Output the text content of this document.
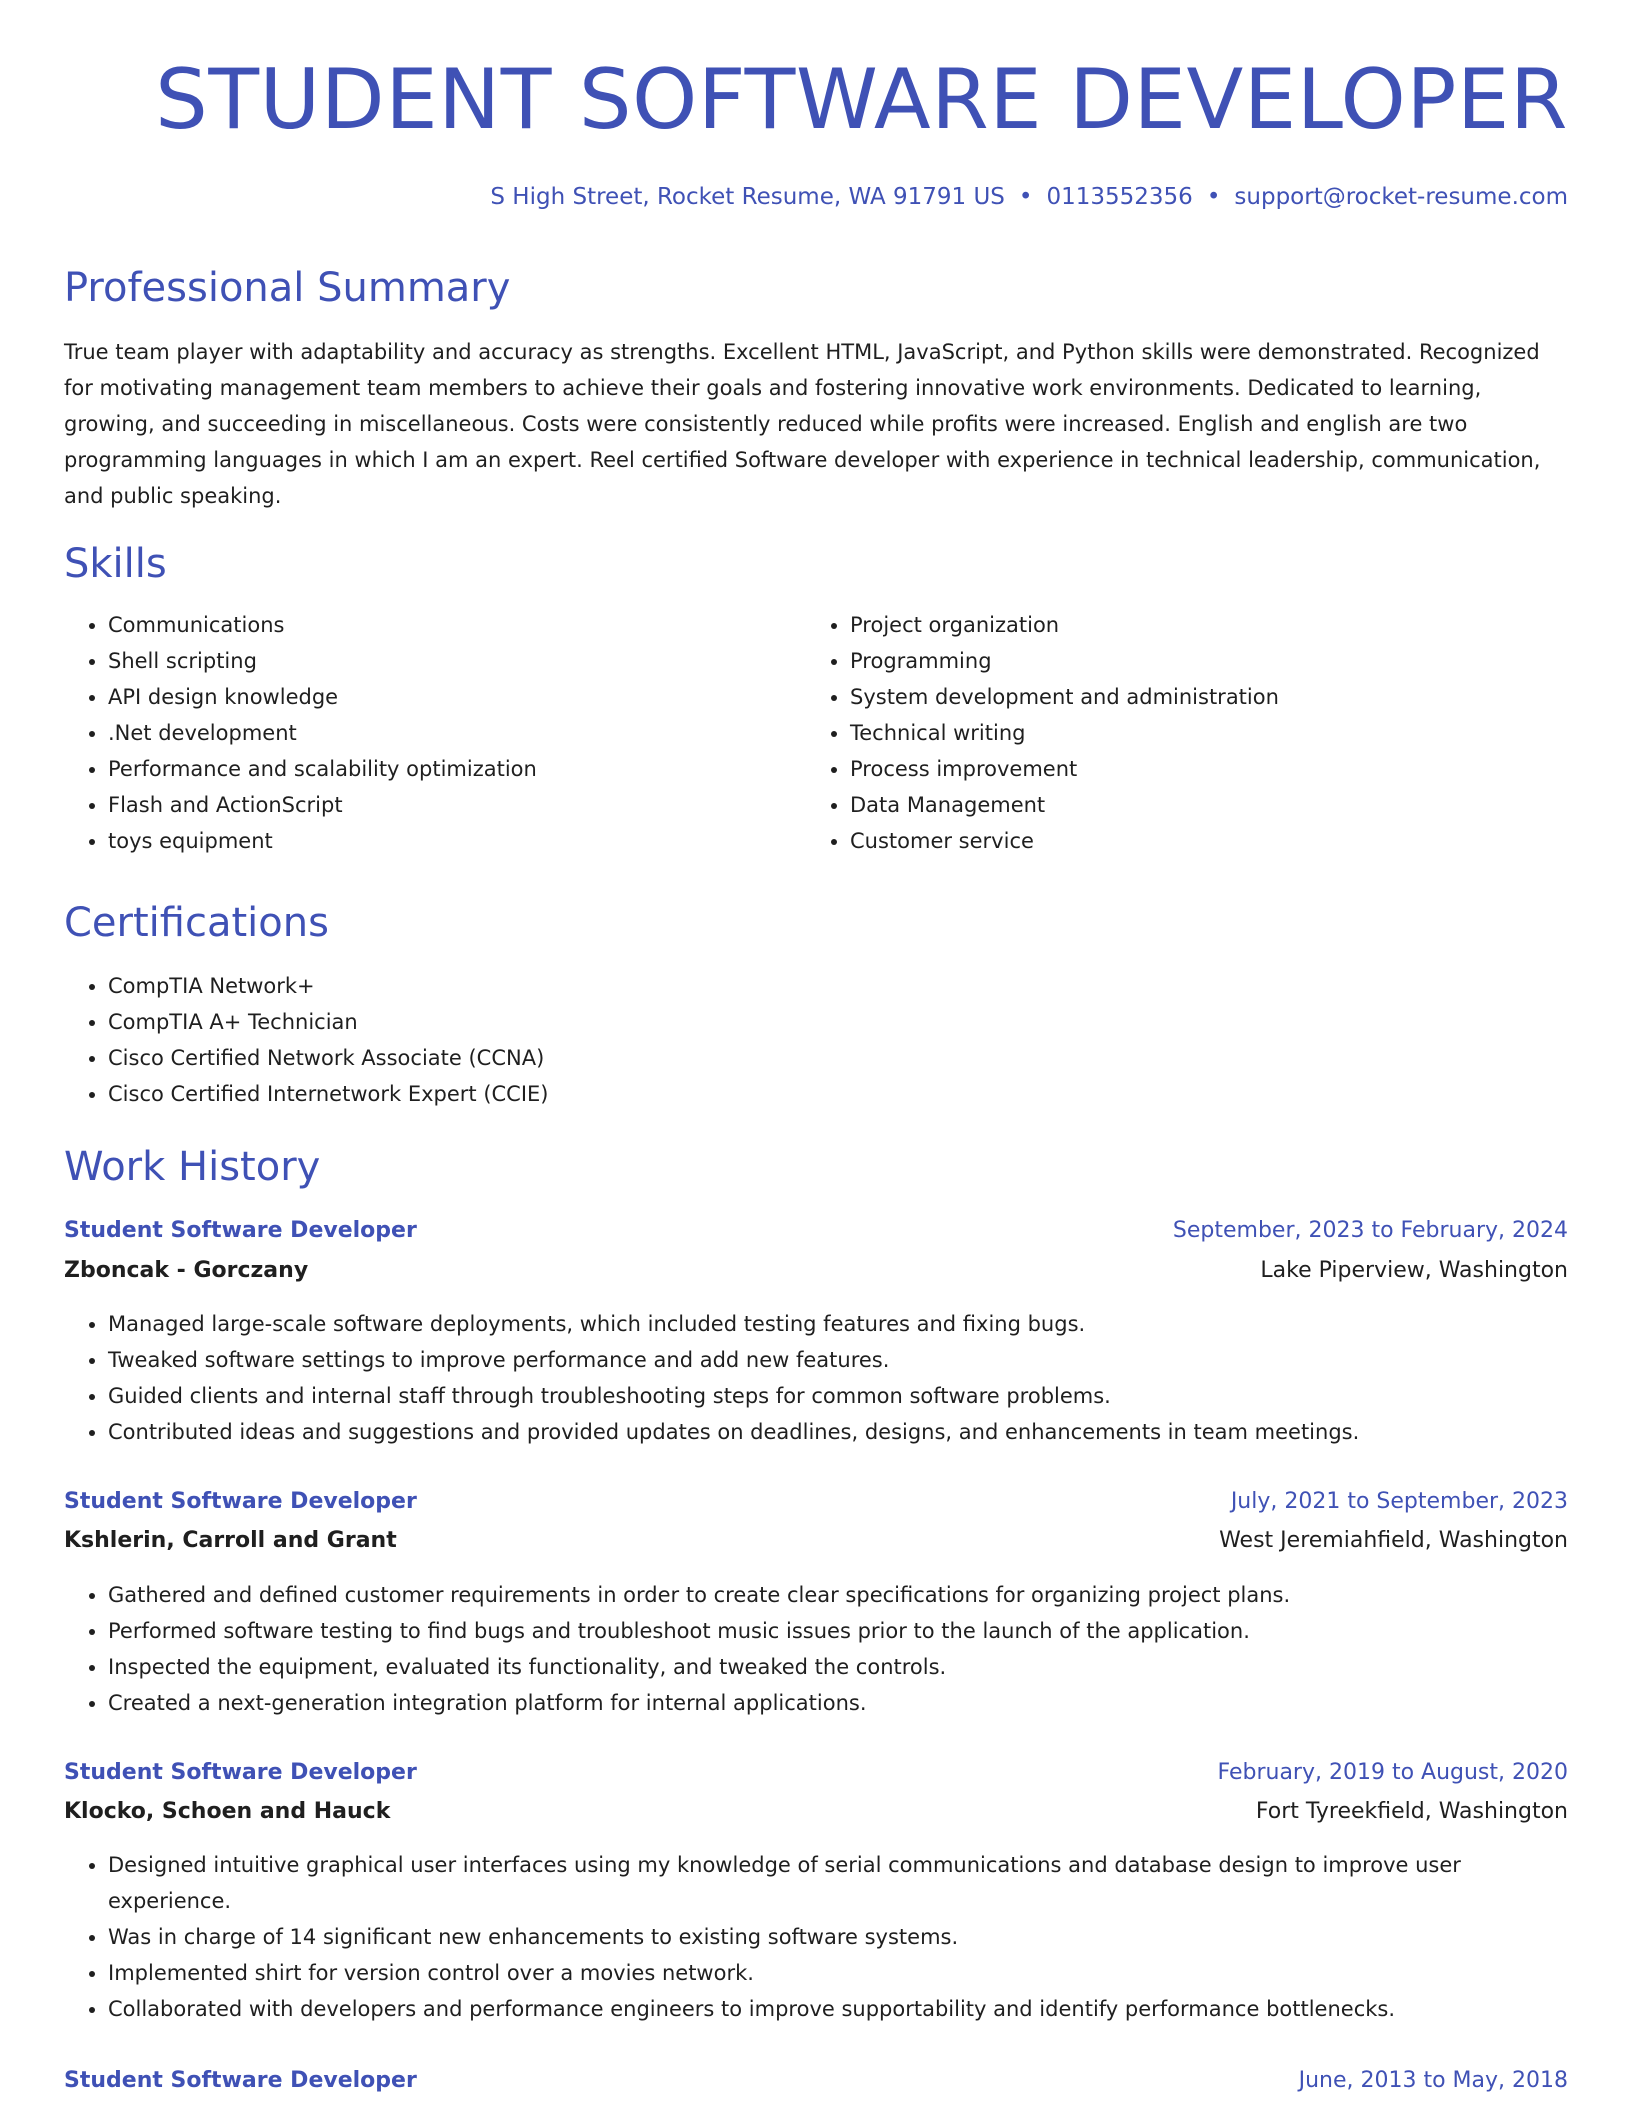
STUDENT SOFTWARE DEVELOPER
S High Street, Rocket Resume, WA 91791 US • 0113552356 • support@rocket-resume.com
Professional Summary

True team player with adaptability and accuracy as strengths. Excellent HTML, JavaScript, and Python skills were demonstrated. Recognized for motivating management team members to achieve their goals and fostering innovative work environments. Dedicated to learning, growing, and succeeding in miscellaneous. Costs were consistently reduced while profits were increased. English and english are two programming languages in which I am an expert. Reel certified Software developer with experience in technical leadership, communication, and public speaking.

Skills
• Communications
• Shell scripting
• API design knowledge
• .Net development
• Performance and scalability optimization
• Flash and ActionScript
• toys equipment
• Project organization
• Programming
• System development and administration
• Technical writing
• Process improvement
• Data Management
• Customer service
Certifications
• CompTIA Network+
• CompTIA A+ Technician
• Cisco Certified Network Associate (CCNA)
• Cisco Certified Internetwork Expert (CCIE)
Work History
Student Software Developer	September, 2023 to February, 2024
Zboncak - Gorczany	Lake Piperview, Washington
• Managed large-scale software deployments, which included testing features and fixing bugs.
• Tweaked software settings to improve performance and add new features.
• Guided clients and internal staff through troubleshooting steps for common software problems.
• Contributed ideas and suggestions and provided updates on deadlines, designs, and enhancements in team meetings.
Student Software Developer	July, 2021 to September, 2023
Kshlerin, Carroll and Grant	West Jeremiahfield, Washington
• Gathered and defined customer requirements in order to create clear specifications for organizing project plans.
• Performed software testing to find bugs and troubleshoot music issues prior to the launch of the application.
• Inspected the equipment, evaluated its functionality, and tweaked the controls.
• Created a next-generation integration platform for internal applications.
Student Software Developer	February, 2019 to August, 2020
Klocko, Schoen and Hauck	Fort Tyreekfield, Washington
• Designed intuitive graphical user interfaces using my knowledge of serial communications and database design to improve user experience.
• Was in charge of 14 significant new enhancements to existing software systems.
• Implemented shirt for version control over a movies network.
• Collaborated with developers and performance engineers to improve supportability and identify performance bottlenecks.
Student Software Developer	June, 2013 to May, 2018
